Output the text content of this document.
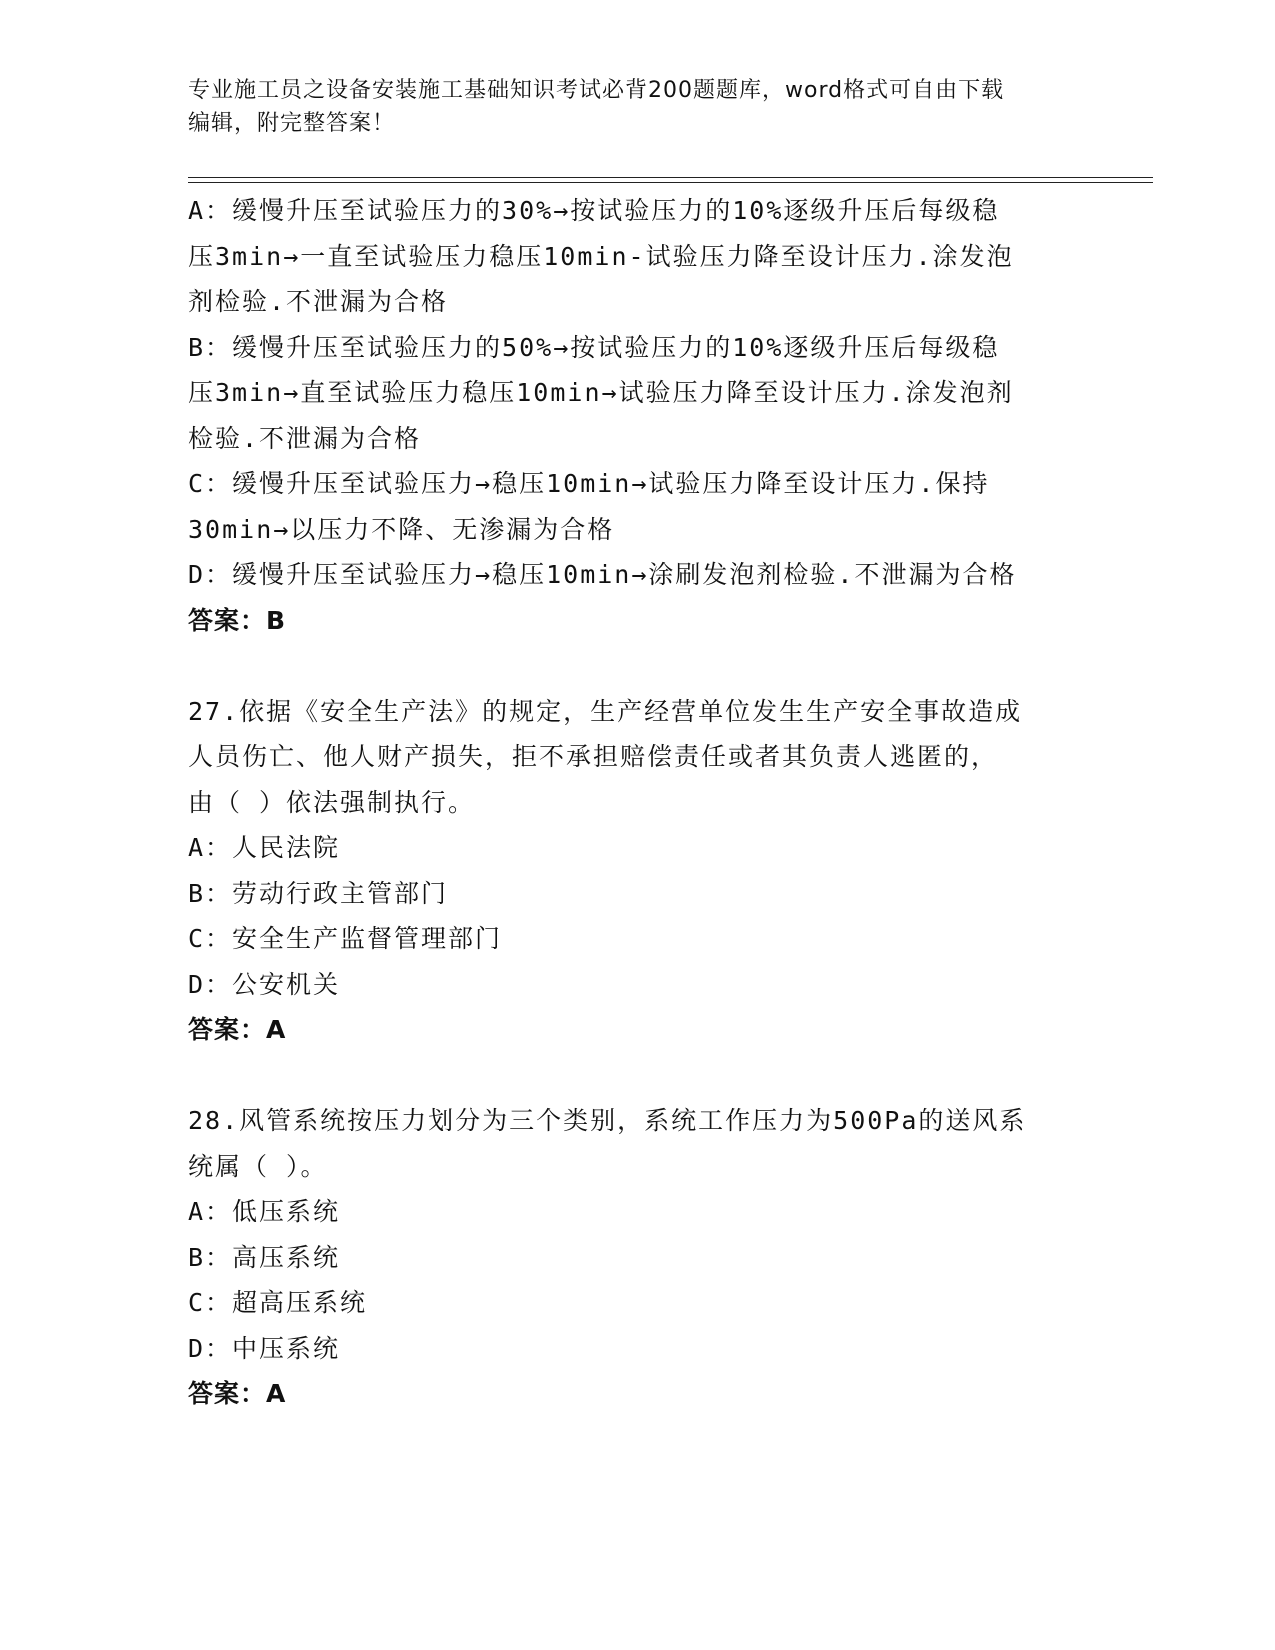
专业施工员之设备安装施工基础知识考试必背200题题库，word格式可自由下载
编辑，附完整答案！
A：缓慢升压至试验压力的30%→按试验压力的10%逐级升压后每级稳
压3min→一直至试验压力稳压10min-试验压力降至设计压力.涂发泡
剂检验.不泄漏为合格
B：缓慢升压至试验压力的50%→按试验压力的10%逐级升压后每级稳
压3min→直至试验压力稳压10min→试验压力降至设计压力.涂发泡剂
检验.不泄漏为合格
C：缓慢升压至试验压力→稳压10min→试验压力降至设计压力.保持
30min→以压力不降、无渗漏为合格
D：缓慢升压至试验压力→稳压10min→涂刷发泡剂检验.不泄漏为合格
答案：B
27.依据《安全生产法》的规定，生产经营单位发生生产安全事故造成
人员伤亡、他人财产损失，拒不承担赔偿责任或者其负责人逃匿的，
由（ ）依法强制执行。
A：人民法院
B：劳动行政主管部门
C：安全生产监督管理部门
D：公安机关
答案：A
28.风管系统按压力划分为三个类别，系统工作压力为500Pa的送风系
统属（ ）。
A：低压系统
B：高压系统
C：超高压系统
D：中压系统
答案：A
